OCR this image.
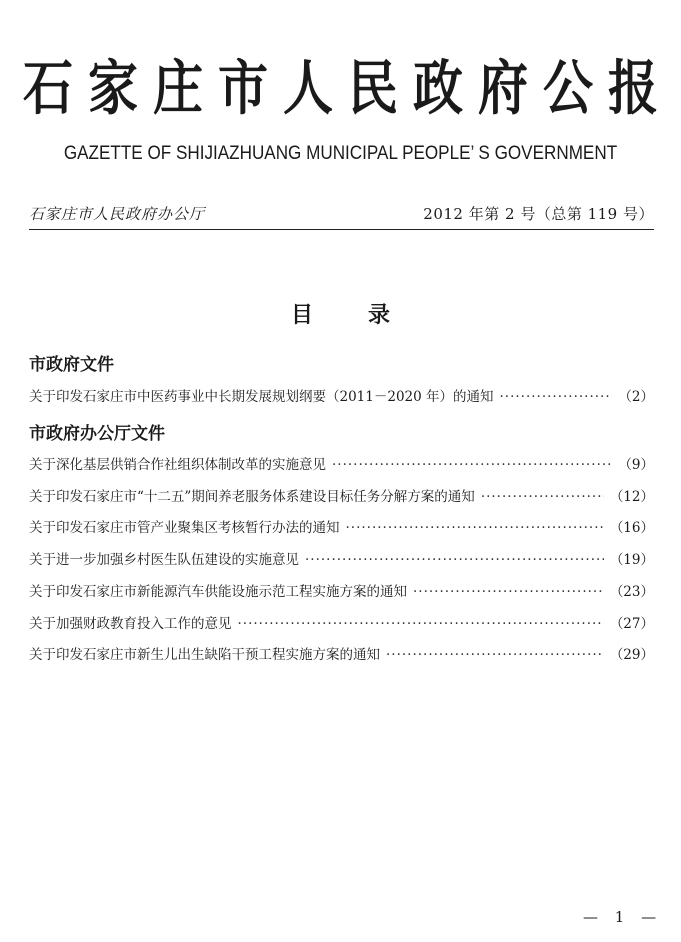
石家庄市人民政府公报
GAZETTE OF SHIJIAZHUANG MUNICIPAL PEOPLE’ S GOVERNMENT
石家庄市人民政府办公厅	2012 年第 2 号（总第 119 号）
目录
市政府文件
关于印发石家庄市中医药事业中长期发展规划纲要（2011－2020 年）的通知 ·····	（2）
市政府办公厅文件
关于深化基层供销合作社组织体制改革的实施意见 ·····	（9）
关于印发石家庄市“十二五”期间养老服务体系建设目标任务分解方案的通知 ·····	（12）
关于印发石家庄市管产业聚集区考核暂行办法的通知 ·····	（16）
关于进一步加强乡村医生队伍建设的实施意见 ·····	（19）
关于印发石家庄市新能源汽车供能设施示范工程实施方案的通知 ·····	（23）
关于加强财政教育投入工作的意见 ·····	（27）
关于印发石家庄市新生儿出生缺陷干预工程实施方案的通知 ·····	（29）
— 1 —
